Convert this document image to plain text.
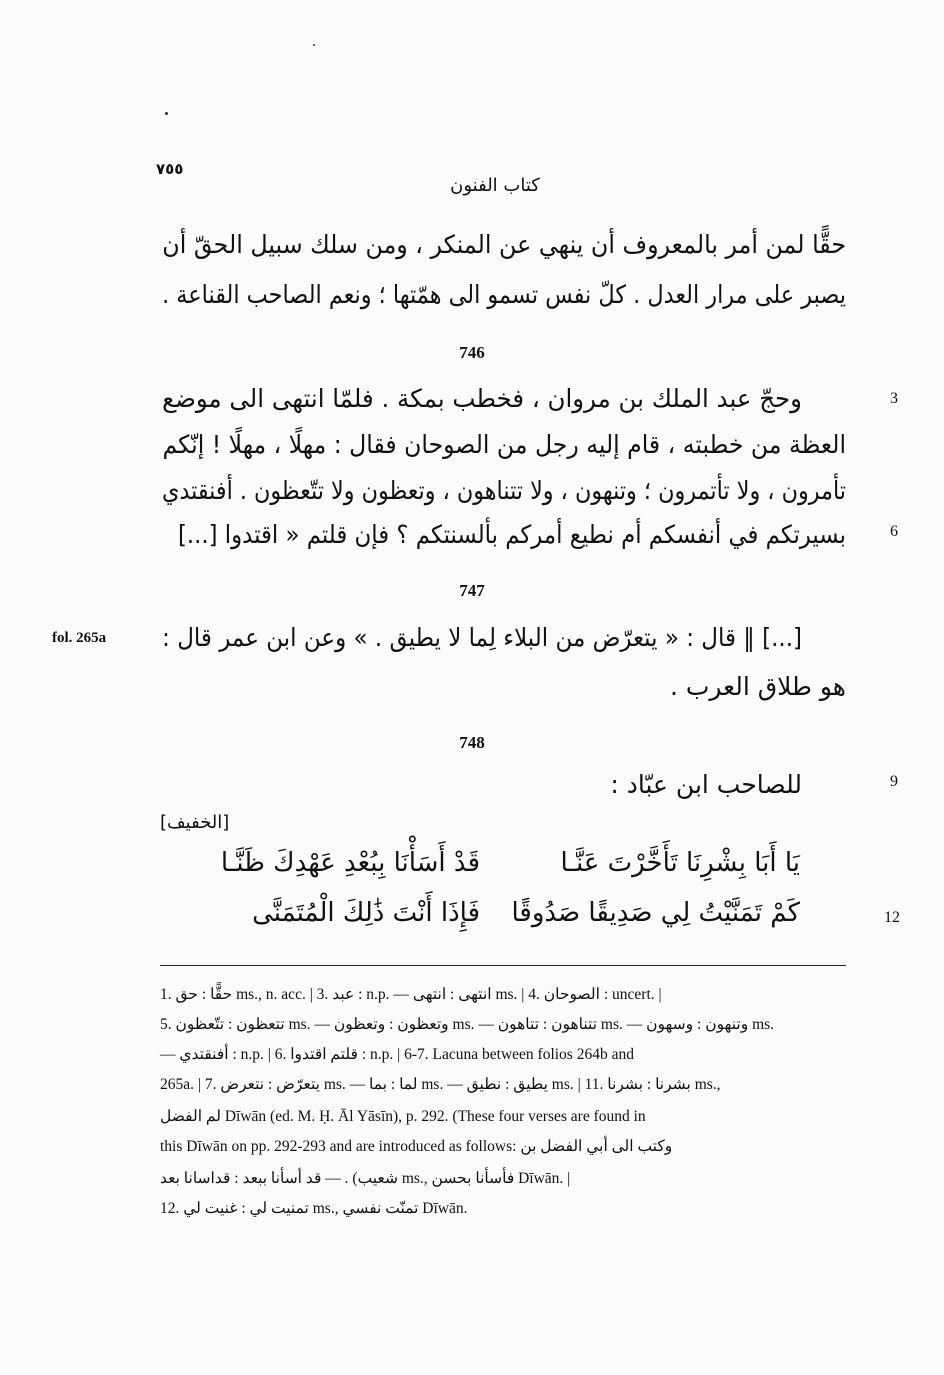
٧٥٥
كتاب الفنون
حقًّا لمن أمر بالمعروف أن ينهي عن المنكر ، ومن سلك سبيل الحقّ أن
يصبر على مرار العدل . كلّ نفس تسمو الى همّتها ؛ ونعم الصاحب القناعة .
746
وحجّ عبد الملك بن مروان ، فخطب بمكة . فلمّا انتهى الى موضع
العظة من خطبته ، قام إليه رجل من الصوحان فقال : مهلًا ، مهلًا ! إنّكم
تأمرون ، ولا تأتمرون ؛ وتنهون ، ولا تتناهون ، وتعظون ولا تتّعظون . أفنقتدي
بسيرتكم في أنفسكم أم نطيع أمركم بألسنتكم ؟ فإن قلتم « اقتدوا [...]
3
6
747
fol. 265a [...] ‖ قال : « يتعرّض من البلاء لِما لا يطيق . » وعن ابن عمر قال :
هو طلاق العرب .
748
للصاحب ابن عبّاد :	9
[الخفيف]
يَا أَبَا بِشْرِنَا تَأَخَّرْتَ عَنَّـا
قَدْ أَسَأْنَا بِبُعْدِ عَهْدِكَ ظَنَّـا
كَمْ تَمَنَّيْتُ لِي صَدِيقًا صَدُوقًا
فَإِذَا أَنْتَ ذَٰلِكَ الْمُتَمَنَّى	12
1. حقًّا : حق ms., n. acc. | 3. عبد : n.p. — انتهى : انتهى ms. | 4. الصوحان : uncert. |
5. تتعظون : تتّعظون ms. — وتعظون : وتعظون ms. — تتناهون : تتاهون ms. — وتنهون : وسهون ms.
— أفنقتدي : n.p. | 6. قلتم اقتدوا : n.p. | 6-7. Lacuna between folios 264b and
265a. | 7. يتعرّض : نتعرض ms. — لما : بما ms. — يطيق : نطيق ms. | 11. بشرنا : بشرنا ms.,
لم الفضل Dīwān (ed. M. Ḥ. Āl Yāsīn), p. 292. (These four verses are found in
this Dīwān on pp. 292-293 and are introduced as follows: وكتب الى أبي الفضل بن
شعيب) . — قد أسأنا ببعد : قداسانا بعد ms., فأسأنا بحسن Dīwān. |
12. تمنيت لي : غنيت لي ms., تمنّت نفسي Dīwān.
